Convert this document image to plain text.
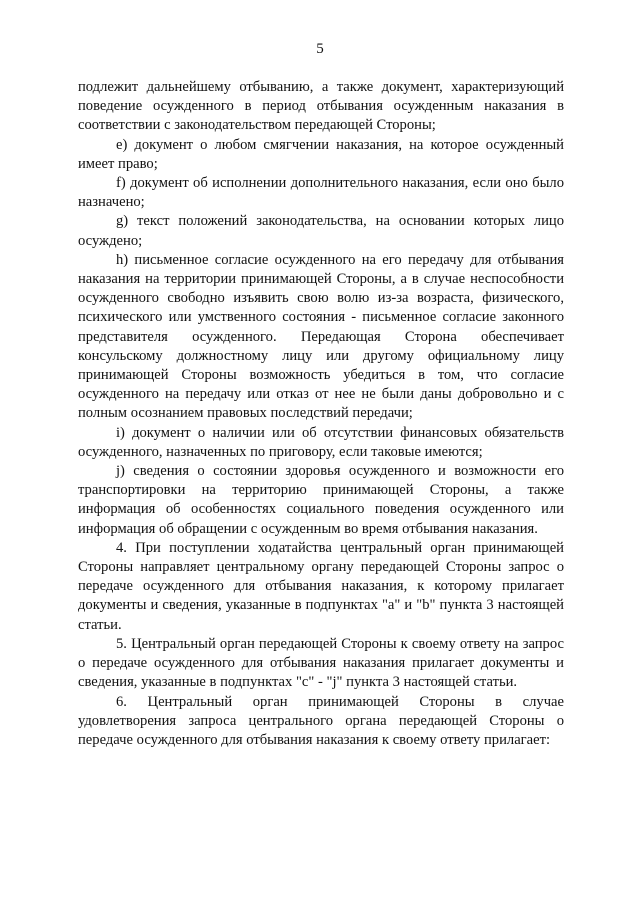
5

подлежит дальнейшему отбыванию, а также документ, характеризующий поведение осужденного в период отбывания осужденным наказания в соответствии с законодательством передающей Стороны;

e) документ о любом смягчении наказания, на которое осужденный имеет право;

f) документ об исполнении дополнительного наказания, если оно было назначено;

g) текст положений законодательства, на основании которых лицо осуждено;

h) письменное согласие осужденного на его передачу для отбывания наказания на территории принимающей Стороны, а в случае неспособности осужденного свободно изъявить свою волю из-за возраста, физического, психического или умственного состояния - письменное согласие законного представителя осужденного. Передающая Сторона обеспечивает консульскому должностному лицу или другому официальному лицу принимающей Стороны возможность убедиться в том, что согласие осужденного на передачу или отказ от нее не были даны добровольно и с полным осознанием правовых последствий передачи;

i) документ о наличии или об отсутствии финансовых обязательств осужденного, назначенных по приговору, если таковые имеются;

j) сведения о состоянии здоровья осужденного и возможности его транспортировки на территорию принимающей Стороны, а также информация об особенностях социального поведения осужденного или информация об обращении с осужденным во время отбывания наказания.

4. При поступлении ходатайства центральный орган принимающей Стороны направляет центральному органу передающей Стороны запрос о передаче осужденного для отбывания наказания, к которому прилагает документы и сведения, указанные в подпунктах "a" и "b" пункта 3 настоящей статьи.

5. Центральный орган передающей Стороны к своему ответу на запрос о передаче осужденного для отбывания наказания прилагает документы и сведения, указанные в подпунктах "c" - "j" пункта 3 настоящей статьи.

6. Центральный орган принимающей Стороны в случае удовлетворения запроса центрального органа передающей Стороны о передаче осужденного для отбывания наказания к своему ответу прилагает:
